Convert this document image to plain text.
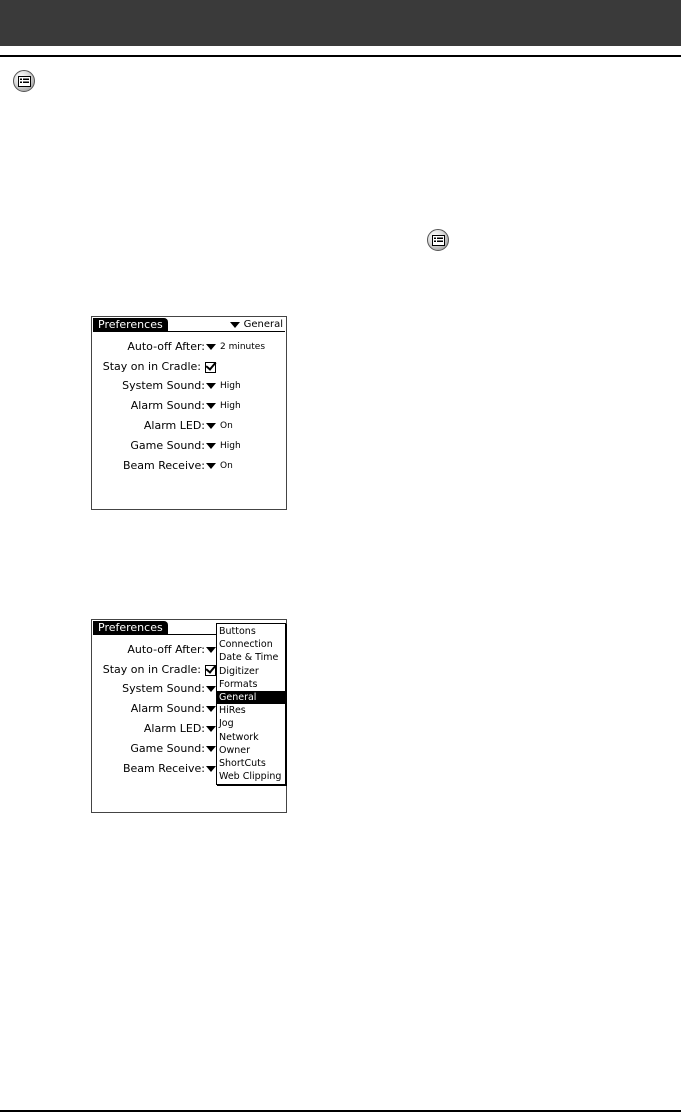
Preferences	General
Auto-off After: 2 minutes
Stay on in Cradle:
System Sound: High
Alarm Sound: High
Alarm LED: On
Game Sound: High
Beam Receive: On
Preferences
Auto-off After:
Stay on in Cradle:
System Sound:
Alarm Sound:
Alarm LED:
Game Sound:
Beam Receive:
Buttons
Connection
Date & Time
Digitizer
Formats
General
HiRes
Jog
Network
Owner
ShortCuts
Web Clipping
